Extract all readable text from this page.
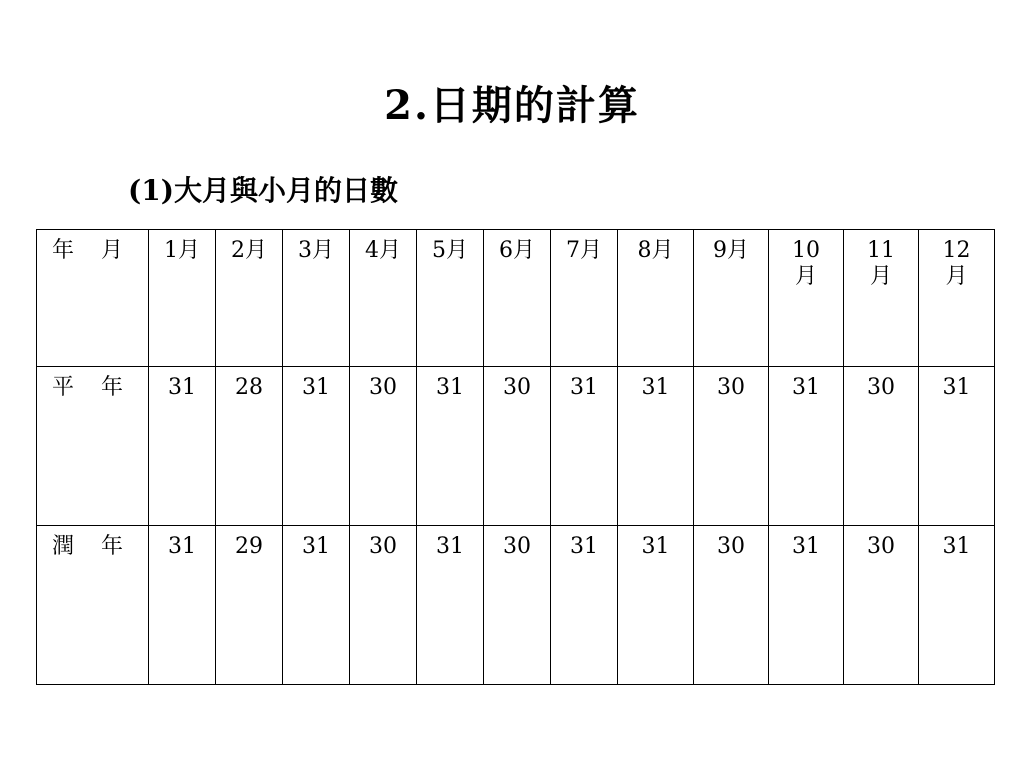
2.日期的計算
(1)大月與小月的日數
年 月	1月	2月	3月	4月	5月	6月	7月	8月	9月	10月	11月	12月
平 年	31	28	31	30	31	30	31	31	30	31	30	31
潤 年	31	29	31	30	31	30	31	31	30	31	30	31
